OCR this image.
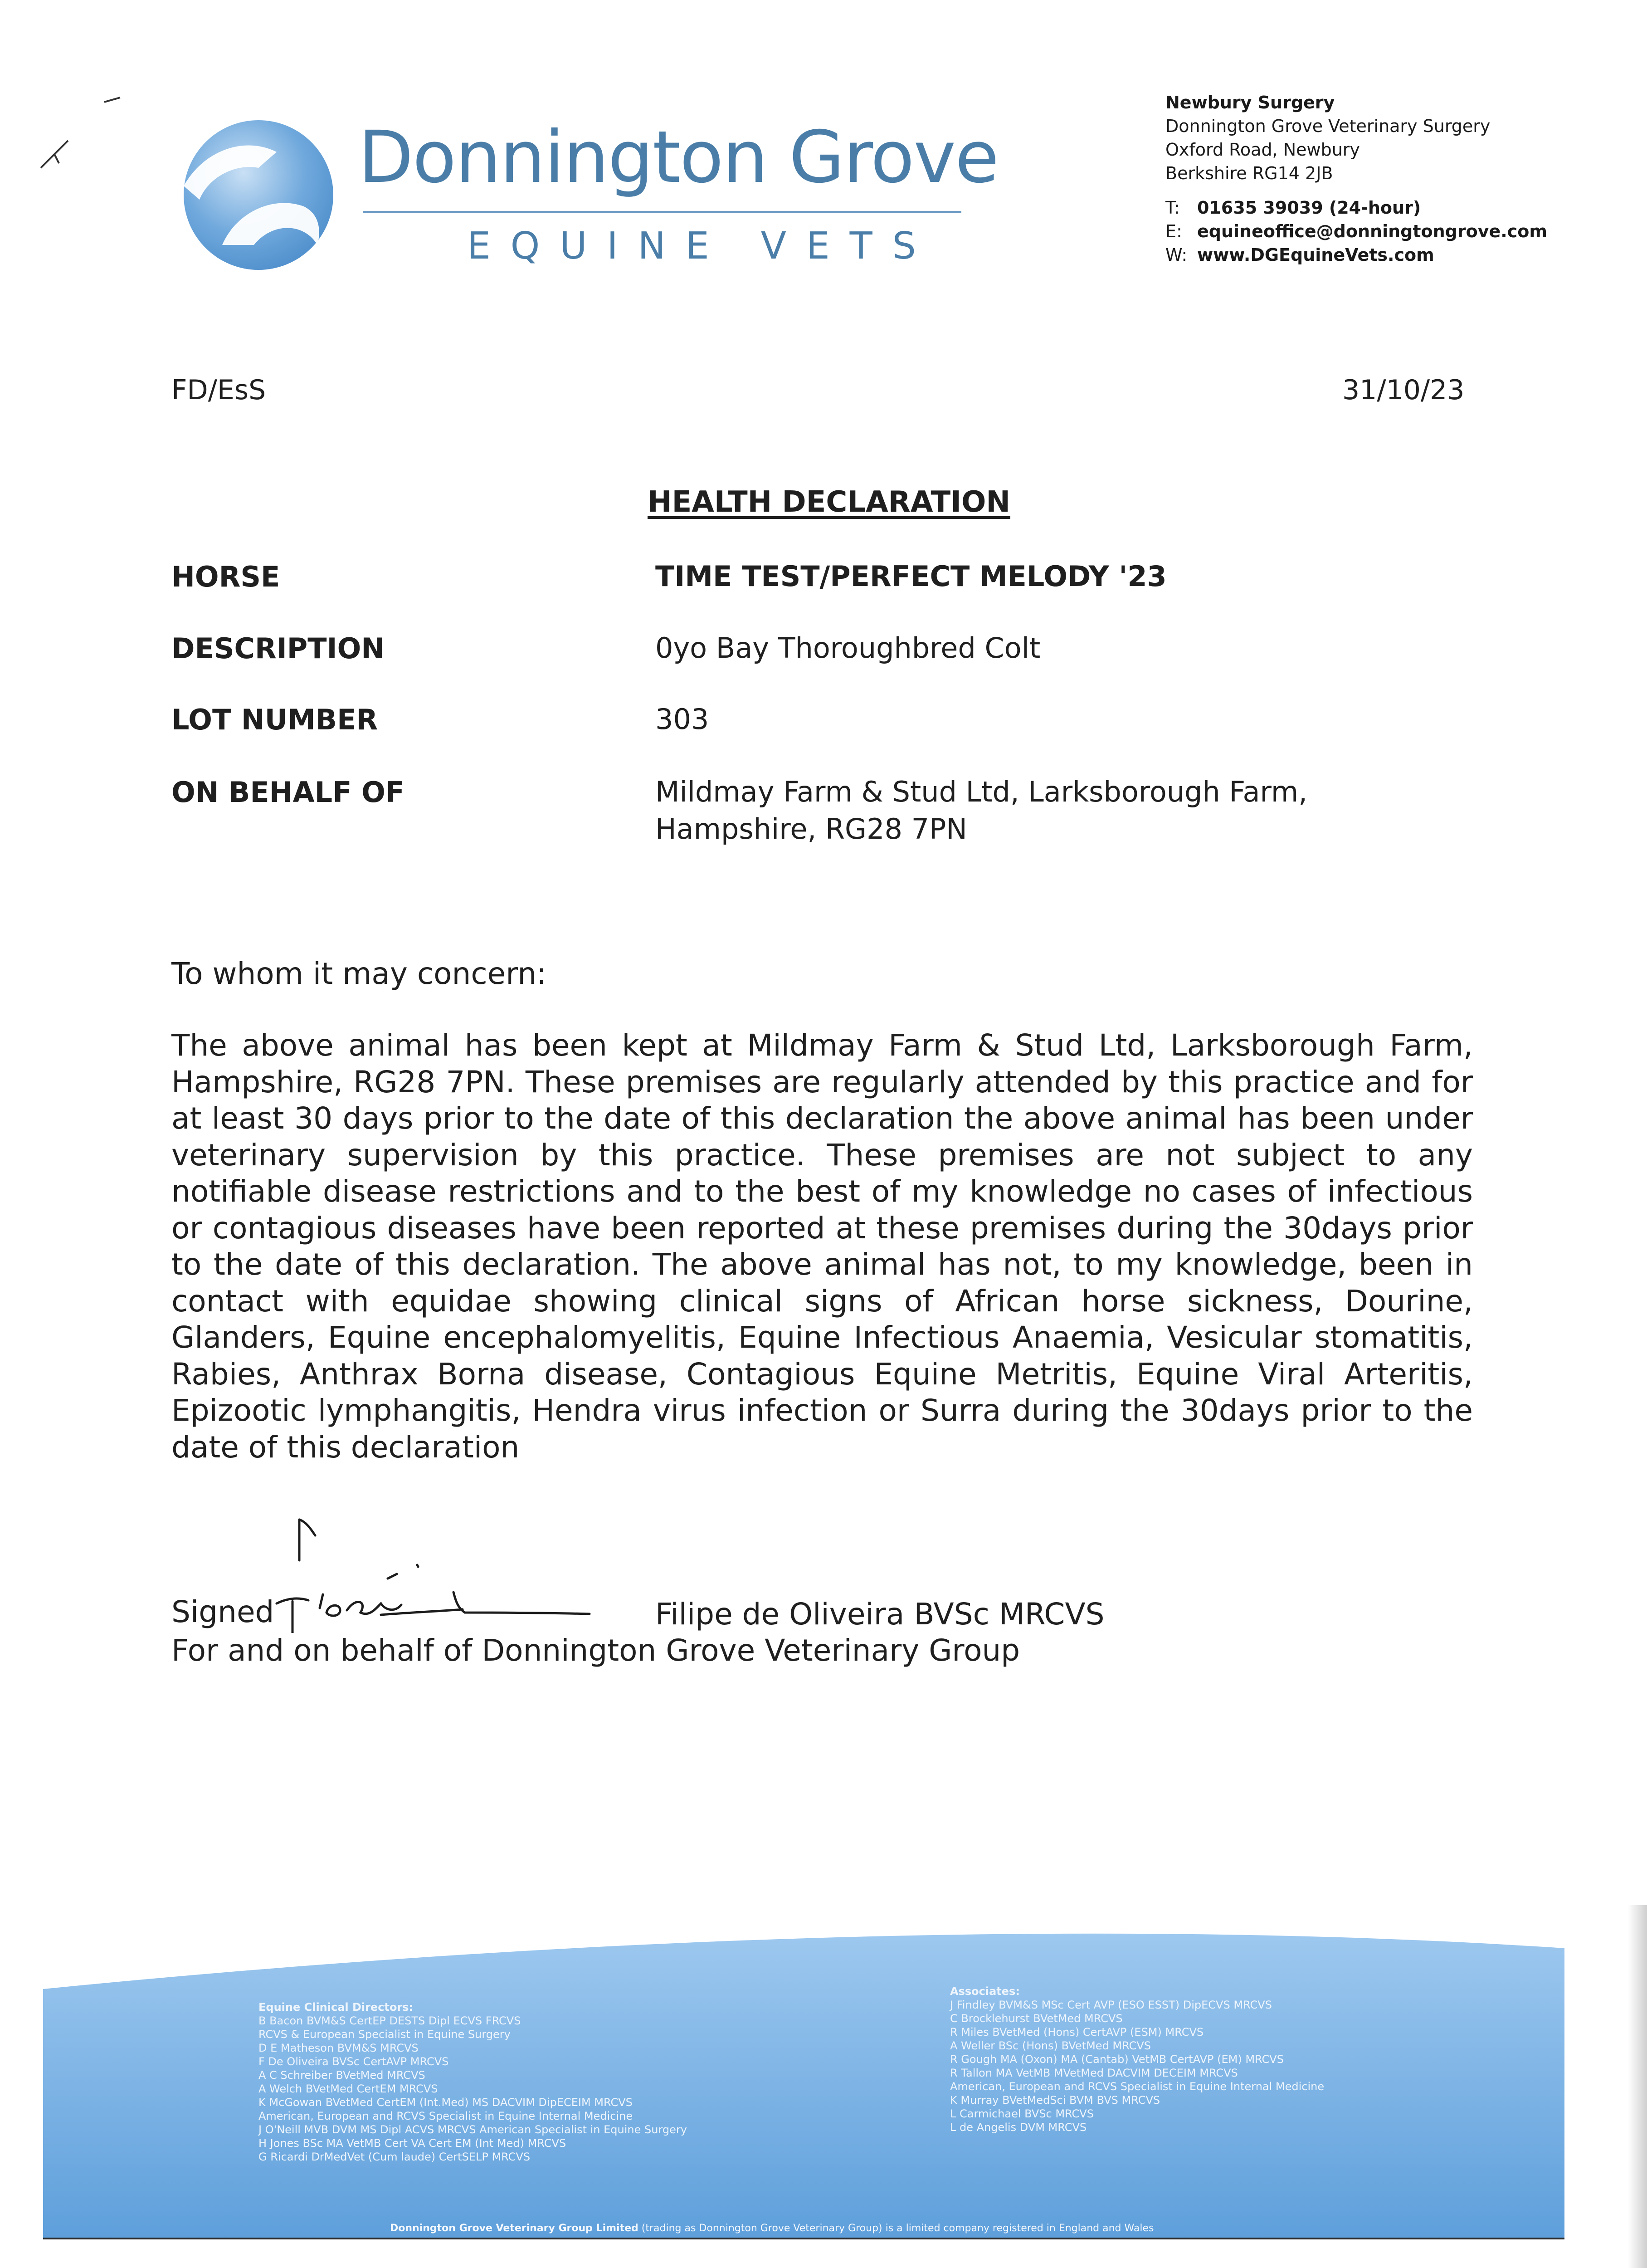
Donnington Grove
EQUINE VETS
Newbury Surgery
Donnington Grove Veterinary Surgery
Oxford Road, Newbury
Berkshire RG14 2JB
T: 01635 39039 (24-hour)
E: equineoffice@donningtongrove.com
W: www.DGEquineVets.com
FD/EsS	31/10/23
HEALTH DECLARATION
HORSE	TIME TEST/PERFECT MELODY '23
DESCRIPTION	0yo Bay Thoroughbred Colt
LOT NUMBER	303
ON BEHALF OF	Mildmay Farm & Stud Ltd, Larksborough Farm,
Hampshire, RG28 7PN
To whom it may concern:
The above animal has been kept at Mildmay Farm & Stud Ltd, Larksborough Farm, Hampshire, RG28 7PN. These premises are regularly attended by this practice and for at least 30 days prior to the date of this declaration the above animal has been under veterinary supervision by this practice. These premises are not subject to any notifiable disease restrictions and to the best of my knowledge no cases of infectious or contagious diseases have been reported at these premises during the 30days prior to the date of this declaration. The above animal has not, to my knowledge, been in contact with equidae showing clinical signs of African horse sickness, Dourine, Glanders, Equine encephalomyelitis, Equine Infectious Anaemia, Vesicular stomatitis, Rabies, Anthrax Borna disease, Contagious Equine Metritis, Equine Viral Arteritis, Epizootic lymphangitis, Hendra virus infection or Surra during the 30days prior to the date of this declaration
Signed	Filipe de Oliveira BVSc MRCVS
For and on behalf of Donnington Grove Veterinary Group
Equine Clinical Directors:
B Bacon BVM&S CertEP DESTS Dipl ECVS FRCVS
RCVS & European Specialist in Equine Surgery
D E Matheson BVM&S MRCVS
F De Oliveira BVSc CertAVP MRCVS
A C Schreiber BVetMed MRCVS
A Welch BVetMed CertEM MRCVS
K McGowan BVetMed CertEM (Int.Med) MS DACVIM DipECEIM MRCVS
American, European and RCVS Specialist in Equine Internal Medicine
J O'Neill MVB DVM MS Dipl ACVS MRCVS American Specialist in Equine Surgery
H Jones BSc MA VetMB Cert VA Cert EM (Int Med) MRCVS
G Ricardi DrMedVet (Cum laude) CertSELP MRCVS
Associates:
J Findley BVM&S MSc Cert AVP (ESO ESST) DipECVS MRCVS
C Brocklehurst BVetMed MRCVS
R Miles BVetMed (Hons) CertAVP (ESM) MRCVS
A Weller BSc (Hons) BVetMed MRCVS
R Gough MA (Oxon) MA (Cantab) VetMB CertAVP (EM) MRCVS
R Tallon MA VetMB MVetMed DACVIM DECEIM MRCVS
American, European and RCVS Specialist in Equine Internal Medicine
K Murray BVetMedSci BVM BVS MRCVS
L Carmichael BVSc MRCVS
L de Angelis DVM MRCVS
Donnington Grove Veterinary Group Limited (trading as Donnington Grove Veterinary Group) is a limited company registered in England and Wales
